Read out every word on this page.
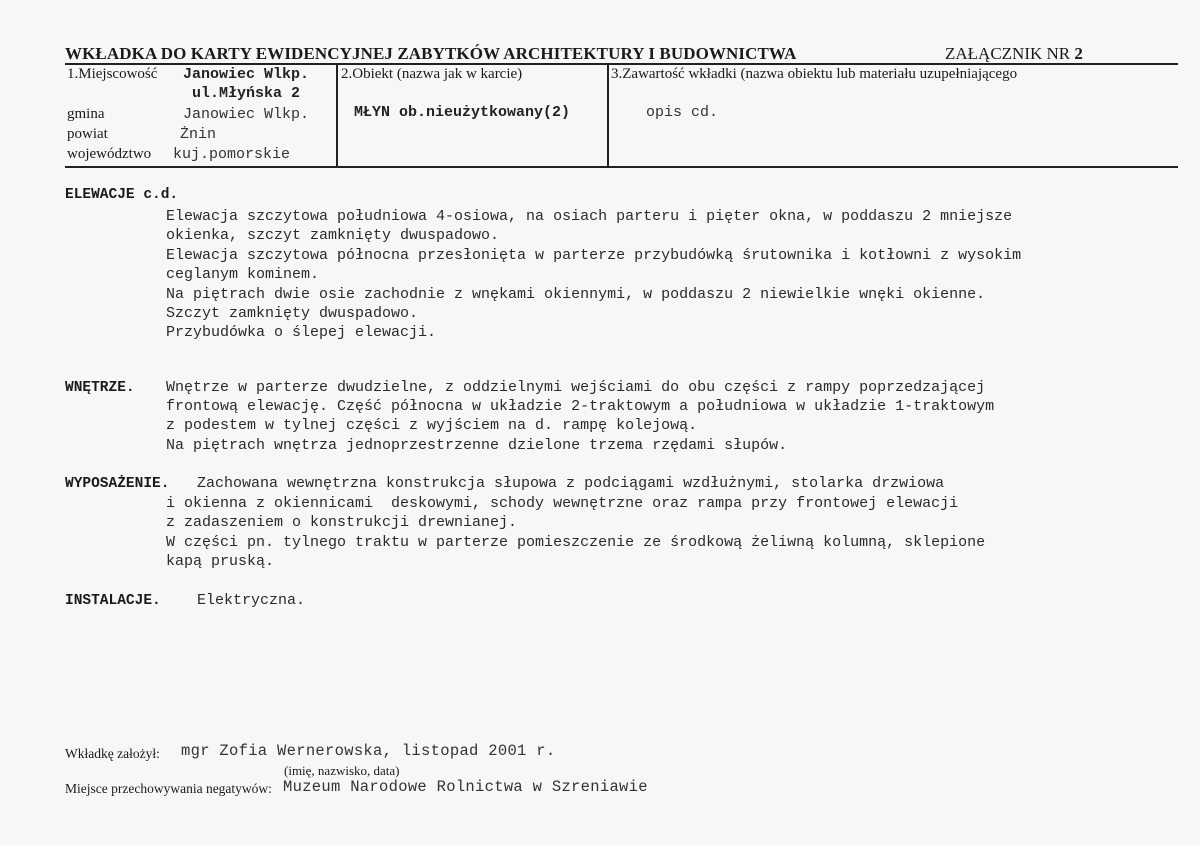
WKŁADKA DO KARTY EWIDENCYJNEJ ZABYTKÓW ARCHITEKTURY I BUDOWNICTWA	ZAŁĄCZNIK NR 2
1.Miejscowość Janowiec Wlkp.
ul.Młyńska 2
gmina	Janowiec Wlkp.
powiat	Żnin
województwo kuj.pomorskie
2.Obiekt (nazwa jak w karcie)
MŁYN ob.nieużytkowany(2)
3.Zawartość wkładki (nazwa obiektu lub materiału uzupełniającego
opis cd.
ELEWACJE c.d.
Elewacja szczytowa południowa 4-osiowa, na osiach parteru i pięter okna, w poddaszu 2 mniejsze
okienka, szczyt zamknięty dwuspadowo.
Elewacja szczytowa północna przesłonięta w parterze przybudówką śrutownika i kotłowni z wysokim
ceglanym kominem.
Na piętrach dwie osie zachodnie z wnękami okiennymi, w poddaszu 2 niewielkie wnęki okienne.
Szczyt zamknięty dwuspadowo.
Przybudówka o ślepej elewacji.
WNĘTRZE. Wnętrze w parterze dwudzielne, z oddzielnymi wejściami do obu części z rampy poprzedzającej
frontową elewację. Część północna w układzie 2-traktowym a południowa w układzie 1-traktowym
z podestem w tylnej części z wyjściem na d. rampę kolejową.
Na piętrach wnętrza jednoprzestrzenne dzielone trzema rzędami słupów.
WYPOSAŻENIE. Zachowana wewnętrzna konstrukcja słupowa z podciągami wzdłużnymi, stolarka drzwiowa
i okienna z okiennicami  deskowymi, schody wewnętrzne oraz rampa przy frontowej elewacji
z zadaszeniem o konstrukcji drewnianej.
W części pn. tylnego traktu w parterze pomieszczenie ze środkową żeliwną kolumną, sklepione
kapą pruską.
INSTALACJE. Elektryczna.
Wkładkę założył: mgr Zofia Wernerowska, listopad 2001 r.
(imię, nazwisko, data)
Miejsce przechowywania negatywów: Muzeum Narodowe Rolnictwa w Szreniawie
